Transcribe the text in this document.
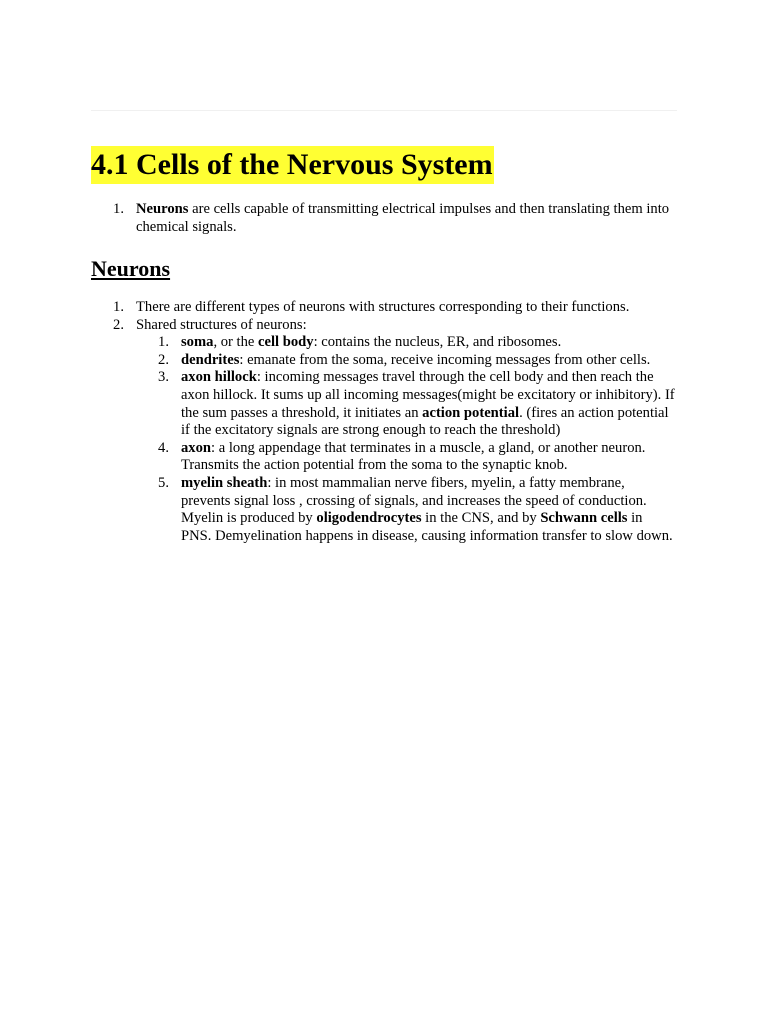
4.1 Cells of the Nervous System
1. Neurons are cells capable of transmitting electrical impulses and then translating them into chemical signals.
Neurons
1. There are different types of neurons with structures corresponding to their functions.
2. Shared structures of neurons:
1. soma, or the cell body: contains the nucleus, ER, and ribosomes.
2. dendrites: emanate from the soma, receive incoming messages from other cells.
3. axon hillock: incoming messages travel through the cell body and then reach the axon hillock. It sums up all incoming messages(might be excitatory or inhibitory). If the sum passes a threshold, it initiates an action potential. (fires an action potential if the excitatory signals are strong enough to reach the threshold)
4. axon: a long appendage that terminates in a muscle, a gland, or another neuron. Transmits the action potential from the soma to the synaptic knob.
5. myelin sheath: in most mammalian nerve fibers, myelin, a fatty membrane, prevents signal loss , crossing of signals, and increases the speed of conduction. Myelin is produced by oligodendrocytes in the CNS, and by Schwann cells in PNS. Demyelination happens in disease, causing information transfer to slow down.
